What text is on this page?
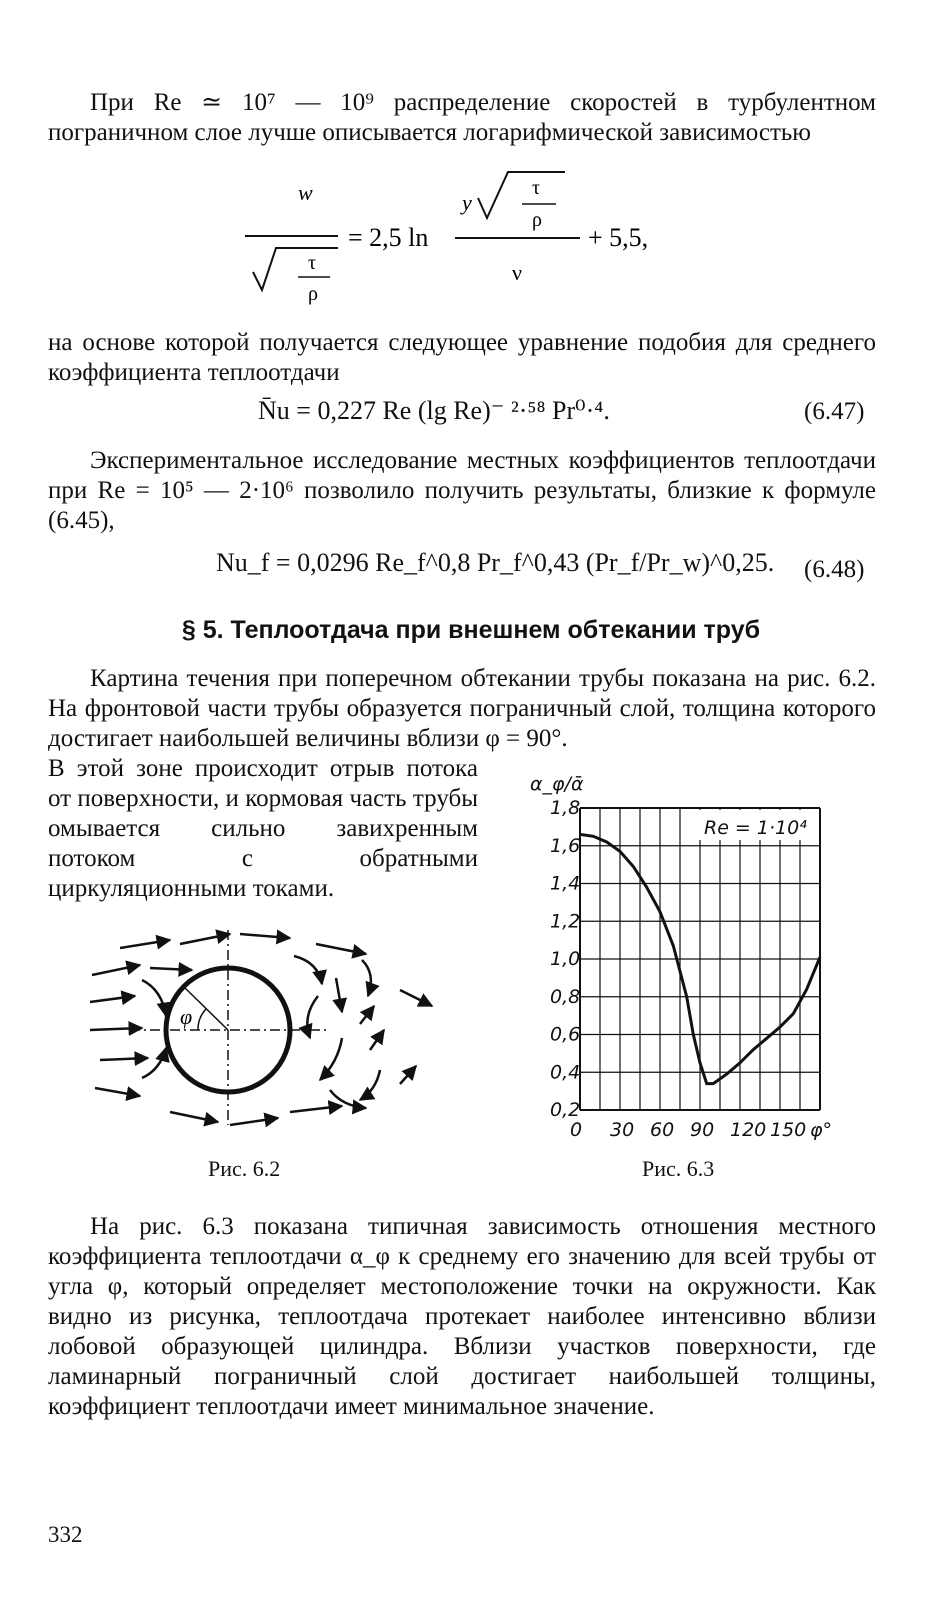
При Re ≃ 10⁷ — 10⁹ распределение скоростей в турбулентном пограничном слое лучше описывается логарифмической зависимостью
w
τ
ρ
= 2,5 ln
y
τ
ρ
ν
+ 5,5,
на основе которой получается следующее уравнение подобия для среднего коэффициента теплоотдачи
N̄u = 0,227 Re (lg Re)⁻ ²·⁵⁸ Pr⁰·⁴.	(6.47)
Экспериментальное исследование местных коэффициентов теплоотдачи при Re = 10⁵ — 2·10⁶ позволило получить результаты, близкие к формуле (6.45),
Nu_f = 0,0296 Re_f^0,8 Pr_f^0,43 (Pr_f/Pr_w)^0,25. (6.48)
§ 5. Теплоотдача при внешнем обтекании труб
Картина течения при поперечном обтекании трубы показана на рис. 6.2. На фронтовой части трубы образуется пограничный слой, толщина которого достигает наибольшей величины вблизи φ = 90°.
В этой зоне происходит отрыв потока от поверхности, и кормовая часть трубы омывается сильно завихренным потоком с обратными циркуляционными токами.
φ
Рис. 6.2
1,8
1,6
1,4
1,2
1,0
0,8
0,6
0,4
0,2
0 30 60 90 120 150 φ°
α_φ/ᾱ
Re = 1·10⁴
Рис. 6.3
На рис. 6.3 показана типичная зависимость отношения местного коэффициента теплоотдачи α_φ к среднему его значению для всей трубы от угла φ, который определяет местоположение точки на окружности. Как видно из рисунка, теплоотдача протекает наиболее интенсивно вблизи лобовой образующей цилиндра. Вблизи участков поверхности, где ламинарный пограничный слой достигает наибольшей толщины, коэффициент теплоотдачи имеет минимальное значение.
332
